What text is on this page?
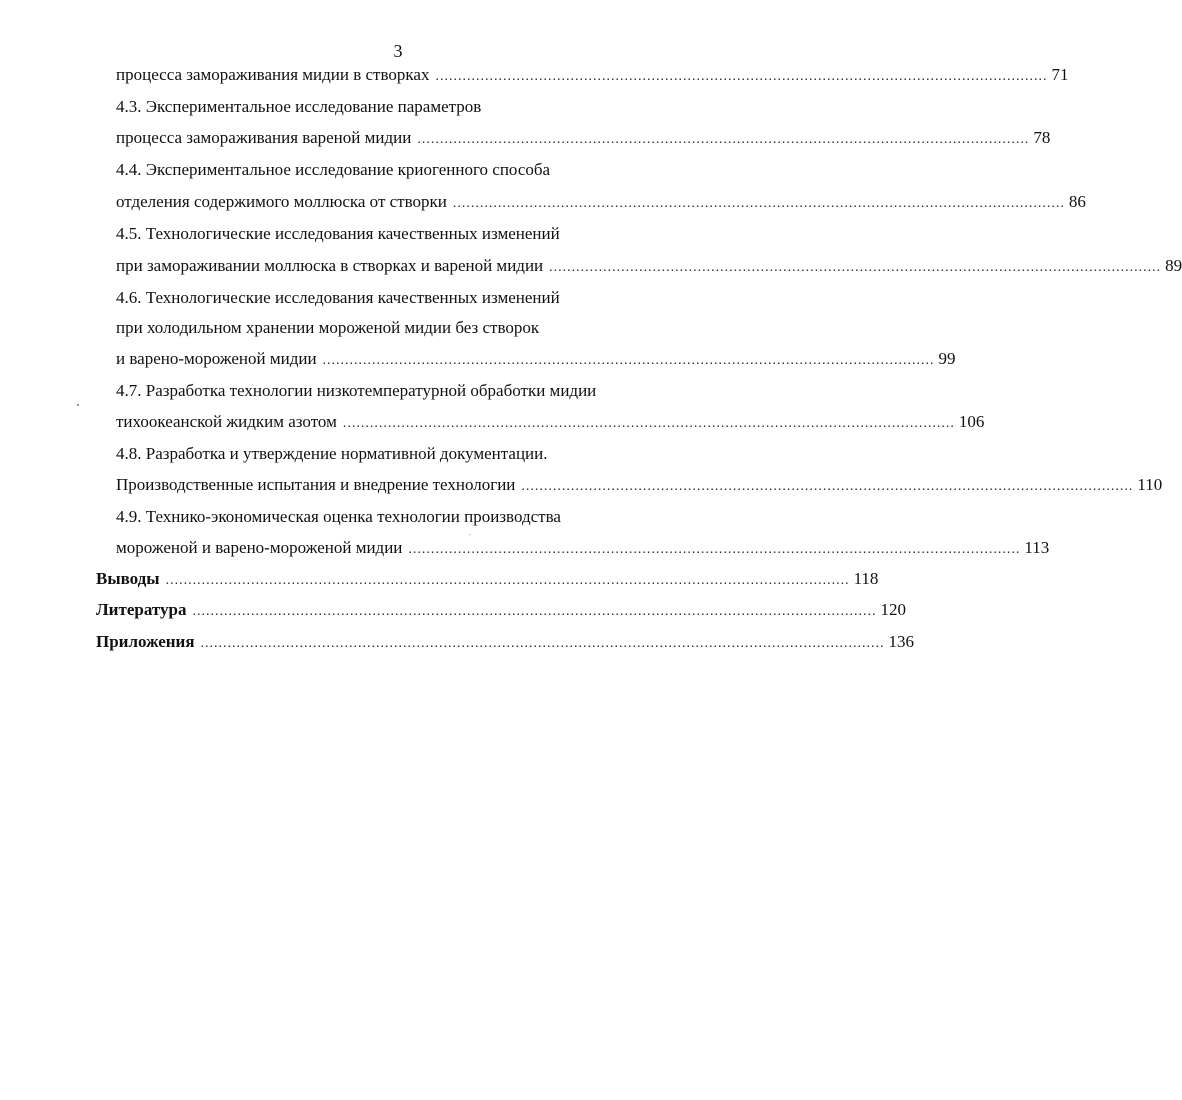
3
процесса замораживания мидии в створках ........................................................................................................................................ 71
4.3. Экспериментальное исследование параметров
процесса замораживания вареной мидии ........................................................................................................................................ 78
4.4. Экспериментальное исследование криогенного способа
отделения содержимого моллюска от створки ........................................................................................................................................ 86
4.5. Технологические исследования качественных изменений
при замораживании моллюска в створках и вареной мидии ........................................................................................................................................ 89
4.6. Технологические исследования качественных изменений
при холодильном хранении мороженой мидии без створок
и варено-мороженой мидии ........................................................................................................................................ 99
4.7. Разработка технологии низкотемпературной обработки мидии
тихоокеанской жидким азотом ........................................................................................................................................ 106
4.8. Разработка и утверждение нормативной документации.
Производственные испытания и внедрение технологии ........................................................................................................................................ 110
4.9. Технико-экономическая оценка технологии производства
мороженой и варено-мороженой мидии ........................................................................................................................................ 113
Выводы ........................................................................................................................................................ 118
Литература ........................................................................................................................................................ 120
Приложения ........................................................................................................................................................ 136
